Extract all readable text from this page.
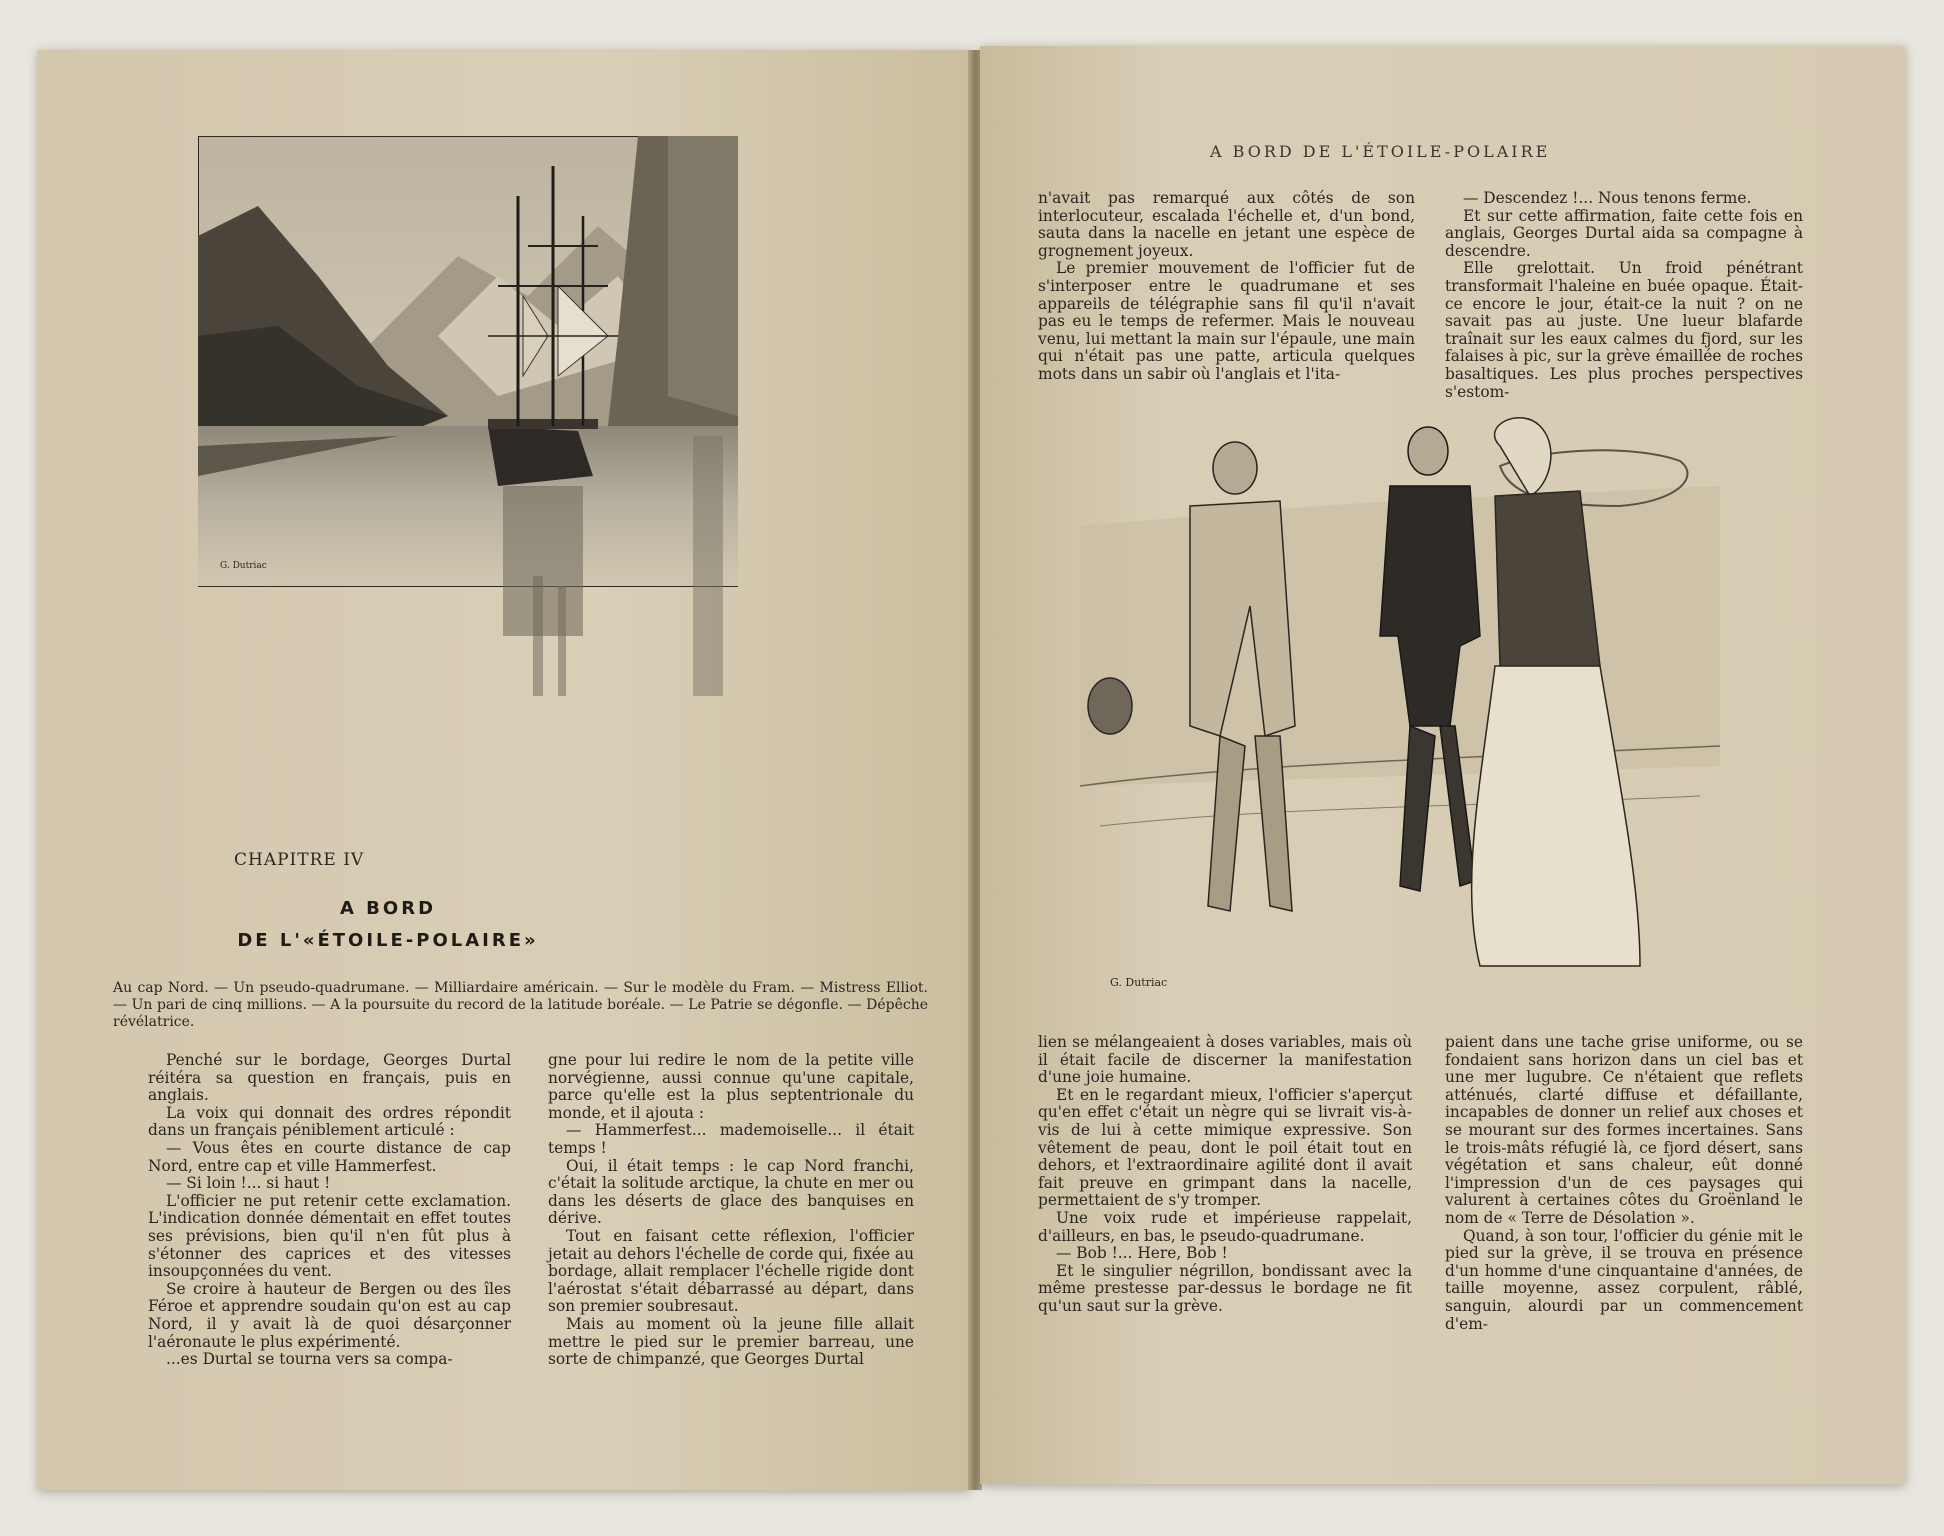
G. Dutriac
CHAPITRE IV
A BORD
DE L'«ÉTOILE-POLAIRE»
Au cap Nord. — Un pseudo-quadrumane. — Milliardaire américain. — Sur le modèle du Fram. — Mistress Elliot. — Un pari de cinq millions. — A la poursuite du record de la latitude boréale. — Le Patrie se dégonfle. — Dépêche révélatrice.

Penché sur le bordage, Georges Durtal réitéra sa question en français, puis en anglais.

La voix qui donnait des ordres répondit dans un français péniblement articulé :

— Vous êtes en courte distance de cap Nord, entre cap et ville Hammerfest.

— Si loin !... si haut !

L'officier ne put retenir cette exclamation. L'indication donnée démentait en effet toutes ses prévisions, bien qu'il n'en fût plus à s'étonner des caprices et des vitesses insoupçonnées du vent.

Se croire à hauteur de Bergen ou des îles Féroe et apprendre soudain qu'on est au cap Nord, il y avait là de quoi désarçonner l'aéronaute le plus expérimenté.

...es Durtal se tourna vers sa compa-

gne pour lui redire le nom de la petite ville norvégienne, aussi connue qu'une capitale, parce qu'elle est la plus septentrionale du monde, et il ajouta :

— Hammerfest... mademoiselle... il était temps !

Oui, il était temps : le cap Nord franchi, c'était la solitude arctique, la chute en mer ou dans les déserts de glace des banquises en dérive.

Tout en faisant cette réflexion, l'officier jetait au dehors l'échelle de corde qui, fixée au bordage, allait remplacer l'échelle rigide dont l'aérostat s'était débarrassé au départ, dans son premier soubresaut.

Mais au moment où la jeune fille allait mettre le pied sur le premier barreau, une sorte de chimpanzé, que Georges Durtal

A BORD DE L'ÉTOILE-POLAIRE

n'avait pas remarqué aux côtés de son interlocuteur, escalada l'échelle et, d'un bond, sauta dans la nacelle en jetant une espèce de grognement joyeux.

Le premier mouvement de l'officier fut de s'interposer entre le quadrumane et ses appareils de télégraphie sans fil qu'il n'avait pas eu le temps de refermer. Mais le nouveau venu, lui mettant la main sur l'épaule, une main qui n'était pas une patte, articula quelques mots dans un sabir où l'anglais et l'ita-

— Descendez !... Nous tenons ferme.

Et sur cette affirmation, faite cette fois en anglais, Georges Durtal aida sa compagne à descendre.

Elle grelottait. Un froid pénétrant transformait l'haleine en buée opaque. Était-ce encore le jour, était-ce la nuit ? on ne savait pas au juste. Une lueur blafarde traînait sur les eaux calmes du fjord, sur les falaises à pic, sur la grève émaillée de roches basaltiques. Les plus proches perspectives s'estom-

G. Dutriac

lien se mélangeaient à doses variables, mais où il était facile de discerner la manifestation d'une joie humaine.

Et en le regardant mieux, l'officier s'aperçut qu'en effet c'était un nègre qui se livrait vis-à-vis de lui à cette mimique expressive. Son vêtement de peau, dont le poil était tout en dehors, et l'extraordinaire agilité dont il avait fait preuve en grimpant dans la nacelle, permettaient de s'y tromper.

Une voix rude et impérieuse rappelait, d'ailleurs, en bas, le pseudo-quadrumane.

— Bob !... Here, Bob !

Et le singulier négrillon, bondissant avec la même prestesse par-dessus le bordage ne fit qu'un saut sur la grève.

paient dans une tache grise uniforme, ou se fondaient sans horizon dans un ciel bas et une mer lugubre. Ce n'étaient que reflets atténués, clarté diffuse et défaillante, incapables de donner un relief aux choses et se mourant sur des formes incertaines. Sans le trois-mâts réfugié là, ce fjord désert, sans végétation et sans chaleur, eût donné l'impression d'un de ces paysages qui valurent à certaines côtes du Groënland le nom de « Terre de Désolation ».

Quand, à son tour, l'officier du génie mit le pied sur la grève, il se trouva en présence d'un homme d'une cinquantaine d'années, de taille moyenne, assez corpulent, râblé, sanguin, alourdi par un commencement d'em-
